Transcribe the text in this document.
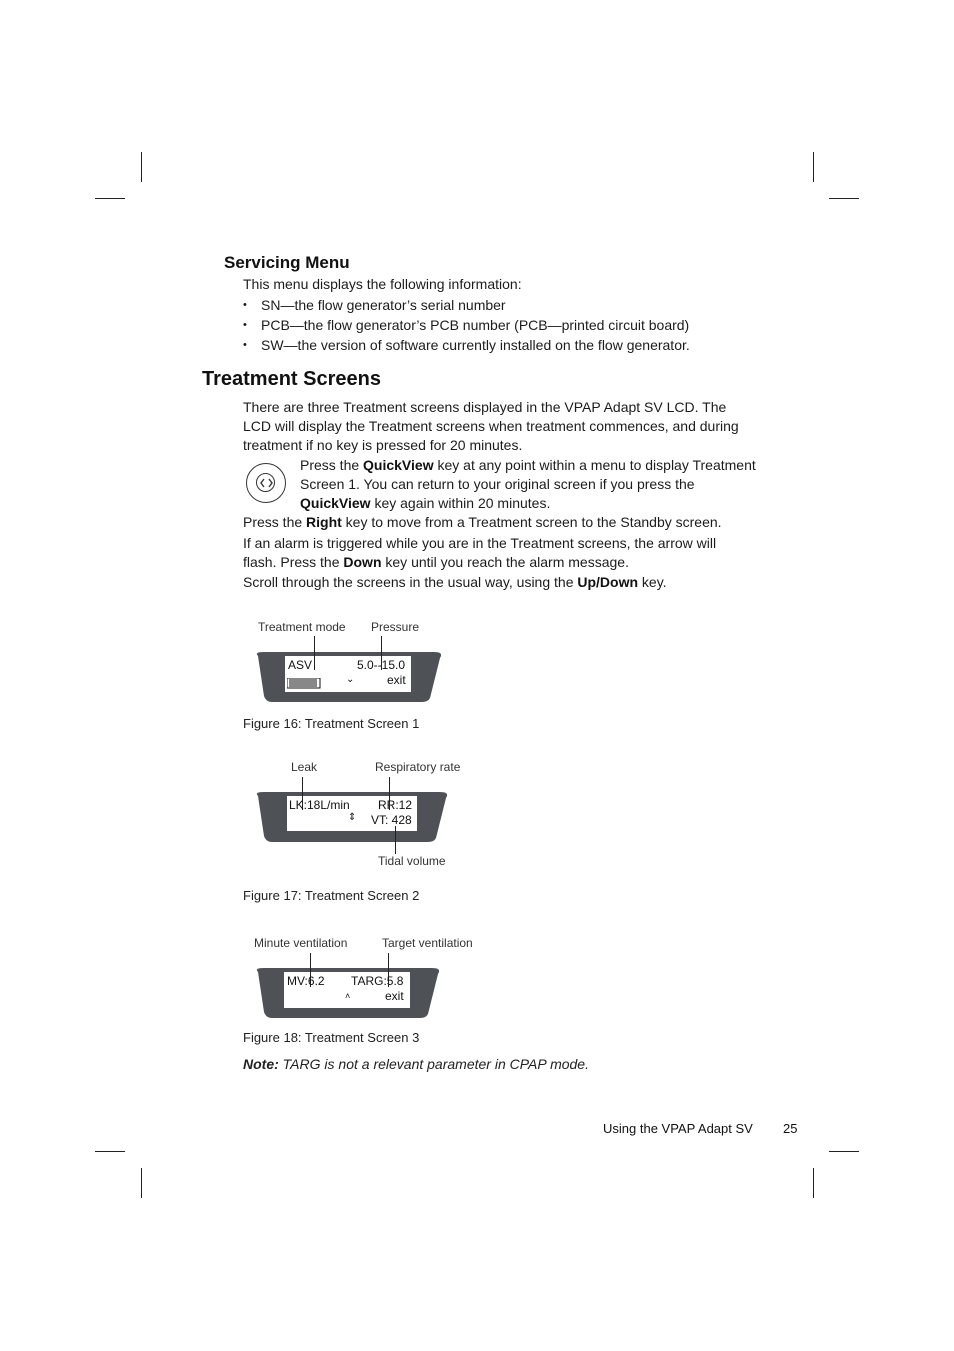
Servicing Menu
This menu displays the following information:
• SN—the flow generator’s serial number
• PCB—the flow generator’s PCB number (PCB—printed circuit board)
• SW—the version of software currently installed on the flow generator.
Treatment Screens
There are three Treatment screens displayed in the VPAP Adapt SV LCD. The LCD will display the Treatment screens when treatment commences, and during treatment if no key is pressed for 20 minutes.
Press the QuickView key at any point within a menu to display Treatment Screen 1. You can return to your original screen if you press the QuickView key again within 20 minutes.
Press the Right key to move from a Treatment screen to the Standby screen.
If an alarm is triggered while you are in the Treatment screens, the arrow will flash. Press the Down key until you reach the alarm message.
Scroll through the screens in the usual way, using the Up/Down key.
Treatment mode Pressure
ASV	5.0--15.0
exit
⌄
Figure 16: Treatment Screen 1
Leak	Respiratory rate
LK:18L/min RR:12
VT: 428
⇕
Tidal volume
Figure 17: Treatment Screen 2
Minute ventilation	Target ventilation
MV:6.2 TARG:5.8
exit
˄
Figure 18: Treatment Screen 3
Note: TARG is not a relevant parameter in CPAP mode.
Using the VPAP Adapt SV 25
